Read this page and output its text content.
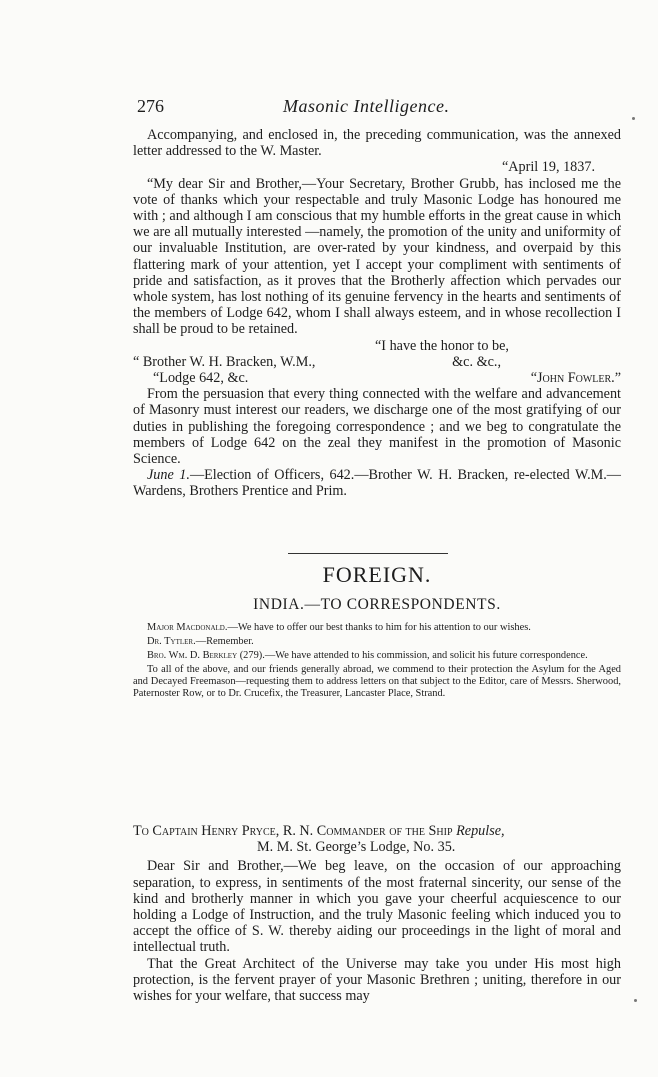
276	Masonic Intelligence.

Accompanying, and enclosed in, the preceding communication, was the annexed letter addressed to the W. Master.

“April 19, 1837.

“My dear Sir and Brother,—Your Secretary, Brother Grubb, has inclosed me the vote of thanks which your respectable and truly Masonic Lodge has honoured me with ; and although I am conscious that my humble efforts in the great cause in which we are all mutually interested —namely, the promotion of the unity and uniformity of our invaluable Institution, are over-rated by your kindness, and overpaid by this flattering mark of your attention, yet I accept your compliment with sentiments of pride and satisfaction, as it proves that the Brotherly affection which pervades our whole system, has lost nothing of its genuine fervency in the hearts and sentiments of the members of Lodge 642, whom I shall always esteem, and in whose recollection I shall be proud to be retained.

“I have the honor to be,

“ Brother W. H. Bracken, W.M.,	&c. &c.,
“Lodge 642, &c.	“John Fowler.”

From the persuasion that every thing connected with the welfare and advancement of Masonry must interest our readers, we discharge one of the most gratifying of our duties in publishing the foregoing correspondence ; and we beg to congratulate the members of Lodge 642 on the zeal they manifest in the promotion of Masonic Science.

June 1.—Election of Officers, 642.—Brother W. H. Bracken, re-elected W.M.—Wardens, Brothers Prentice and Prim.

FOREIGN.

INDIA.—TO CORRESPONDENTS.

Major Macdonald.—We have to offer our best thanks to him for his attention to our wishes.

Dr. Tytler.—Remember.

Bro. Wm. D. Berkley (279).—We have attended to his commission, and solicit his future correspondence.

To all of the above, and our friends generally abroad, we commend to their protection the Asylum for the Aged and Decayed Freemason—requesting them to address letters on that subject to the Editor, care of Messrs. Sherwood, Paternoster Row, or to Dr. Crucefix, the Treasurer, Lancaster Place, Strand.

To Captain Henry Pryce, R. N. Commander of the Ship Repulse,

M. M. St. George’s Lodge, No. 35.

Dear Sir and Brother,—We beg leave, on the occasion of our approaching separation, to express, in sentiments of the most fraternal sincerity, our sense of the kind and brotherly manner in which you gave your cheerful acquiescence to our holding a Lodge of Instruction, and the truly Masonic feeling which induced you to accept the office of S. W. thereby aiding our proceedings in the light of moral and intellectual truth.

That the Great Architect of the Universe may take you under His most high protection, is the fervent prayer of your Masonic Brethren ; uniting, therefore in our wishes for your welfare, that success may
